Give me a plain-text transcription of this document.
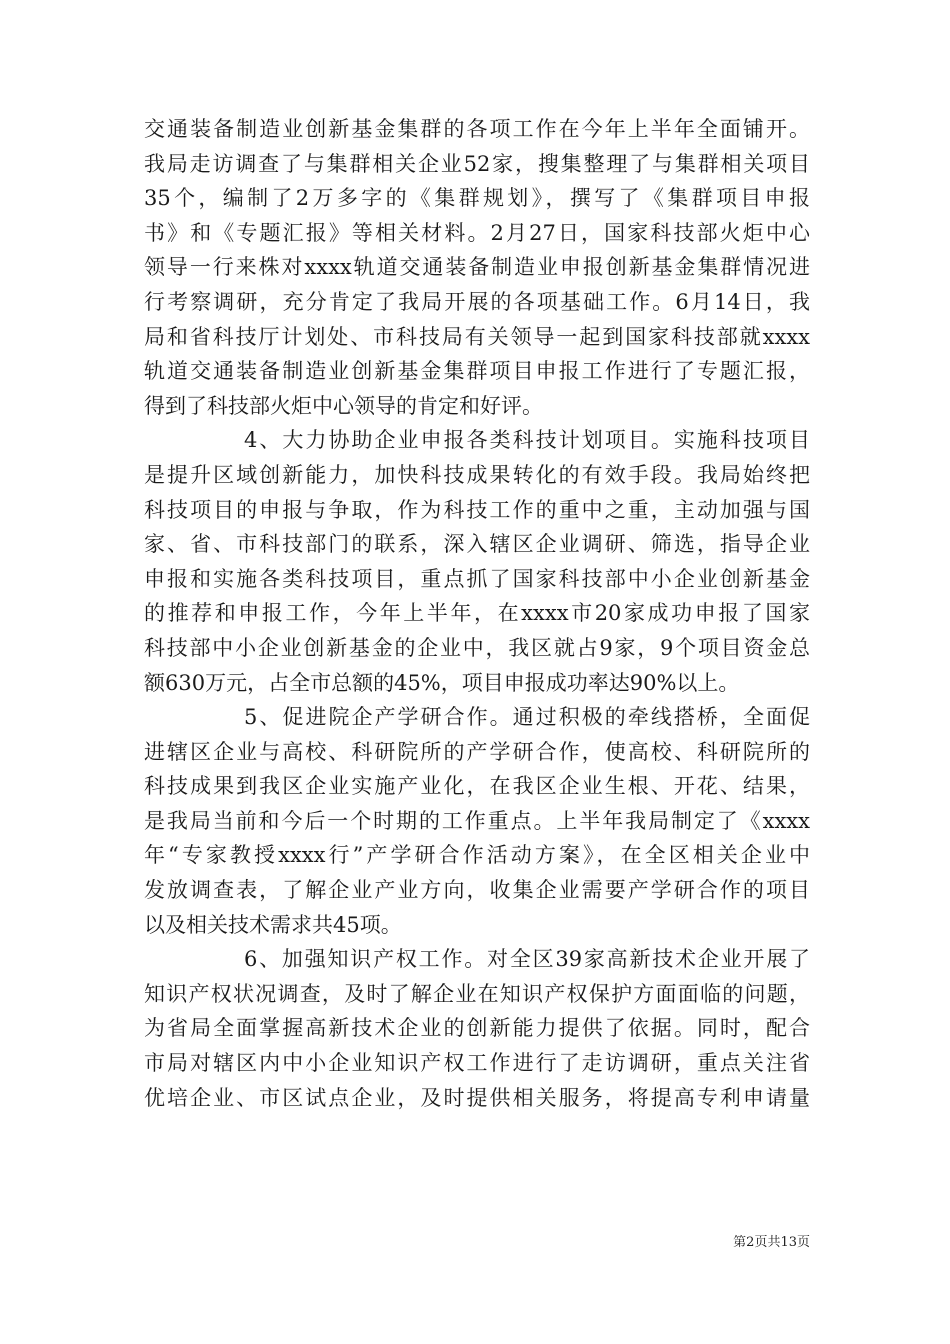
交通装备制造业创新基金集群的各项工作在今年上半年全面铺开。
我局走访调查了与集群相关企业52家，搜集整理了与集群相关项目
35个，编制了2万多字的《集群规划》，撰写了《集群项目申报
书》和《专题汇报》等相关材料。2月27日，国家科技部火炬中心
领导一行来株对xxxx轨道交通装备制造业申报创新基金集群情况进
行考察调研，充分肯定了我局开展的各项基础工作。6月14日，我
局和省科技厅计划处、市科技局有关领导一起到国家科技部就xxxx
轨道交通装备制造业创新基金集群项目申报工作进行了专题汇报，
得到了科技部火炬中心领导的肯定和好评。
4、大力协助企业申报各类科技计划项目。实施科技项目
是提升区域创新能力，加快科技成果转化的有效手段。我局始终把
科技项目的申报与争取，作为科技工作的重中之重，主动加强与国
家、省、市科技部门的联系，深入辖区企业调研、筛选，指导企业
申报和实施各类科技项目，重点抓了国家科技部中小企业创新基金
的推荐和申报工作，今年上半年，在xxxx市20家成功申报了国家
科技部中小企业创新基金的企业中，我区就占9家，9个项目资金总
额630万元，占全市总额的45%，项目申报成功率达90%以上。
5、促进院企产学研合作。通过积极的牵线搭桥，全面促
进辖区企业与高校、科研院所的产学研合作，使高校、科研院所的
科技成果到我区企业实施产业化，在我区企业生根、开花、结果，
是我局当前和今后一个时期的工作重点。上半年我局制定了《xxxx
年“专家教授xxxx行”产学研合作活动方案》，在全区相关企业中
发放调查表，了解企业产业方向，收集企业需要产学研合作的项目
以及相关技术需求共45项。
6、加强知识产权工作。对全区39家高新技术企业开展了
知识产权状况调查，及时了解企业在知识产权保护方面面临的问题，
为省局全面掌握高新技术企业的创新能力提供了依据。同时，配合
市局对辖区内中小企业知识产权工作进行了走访调研，重点关注省
优培企业、市区试点企业，及时提供相关服务，将提高专利申请量
第2页共13页
